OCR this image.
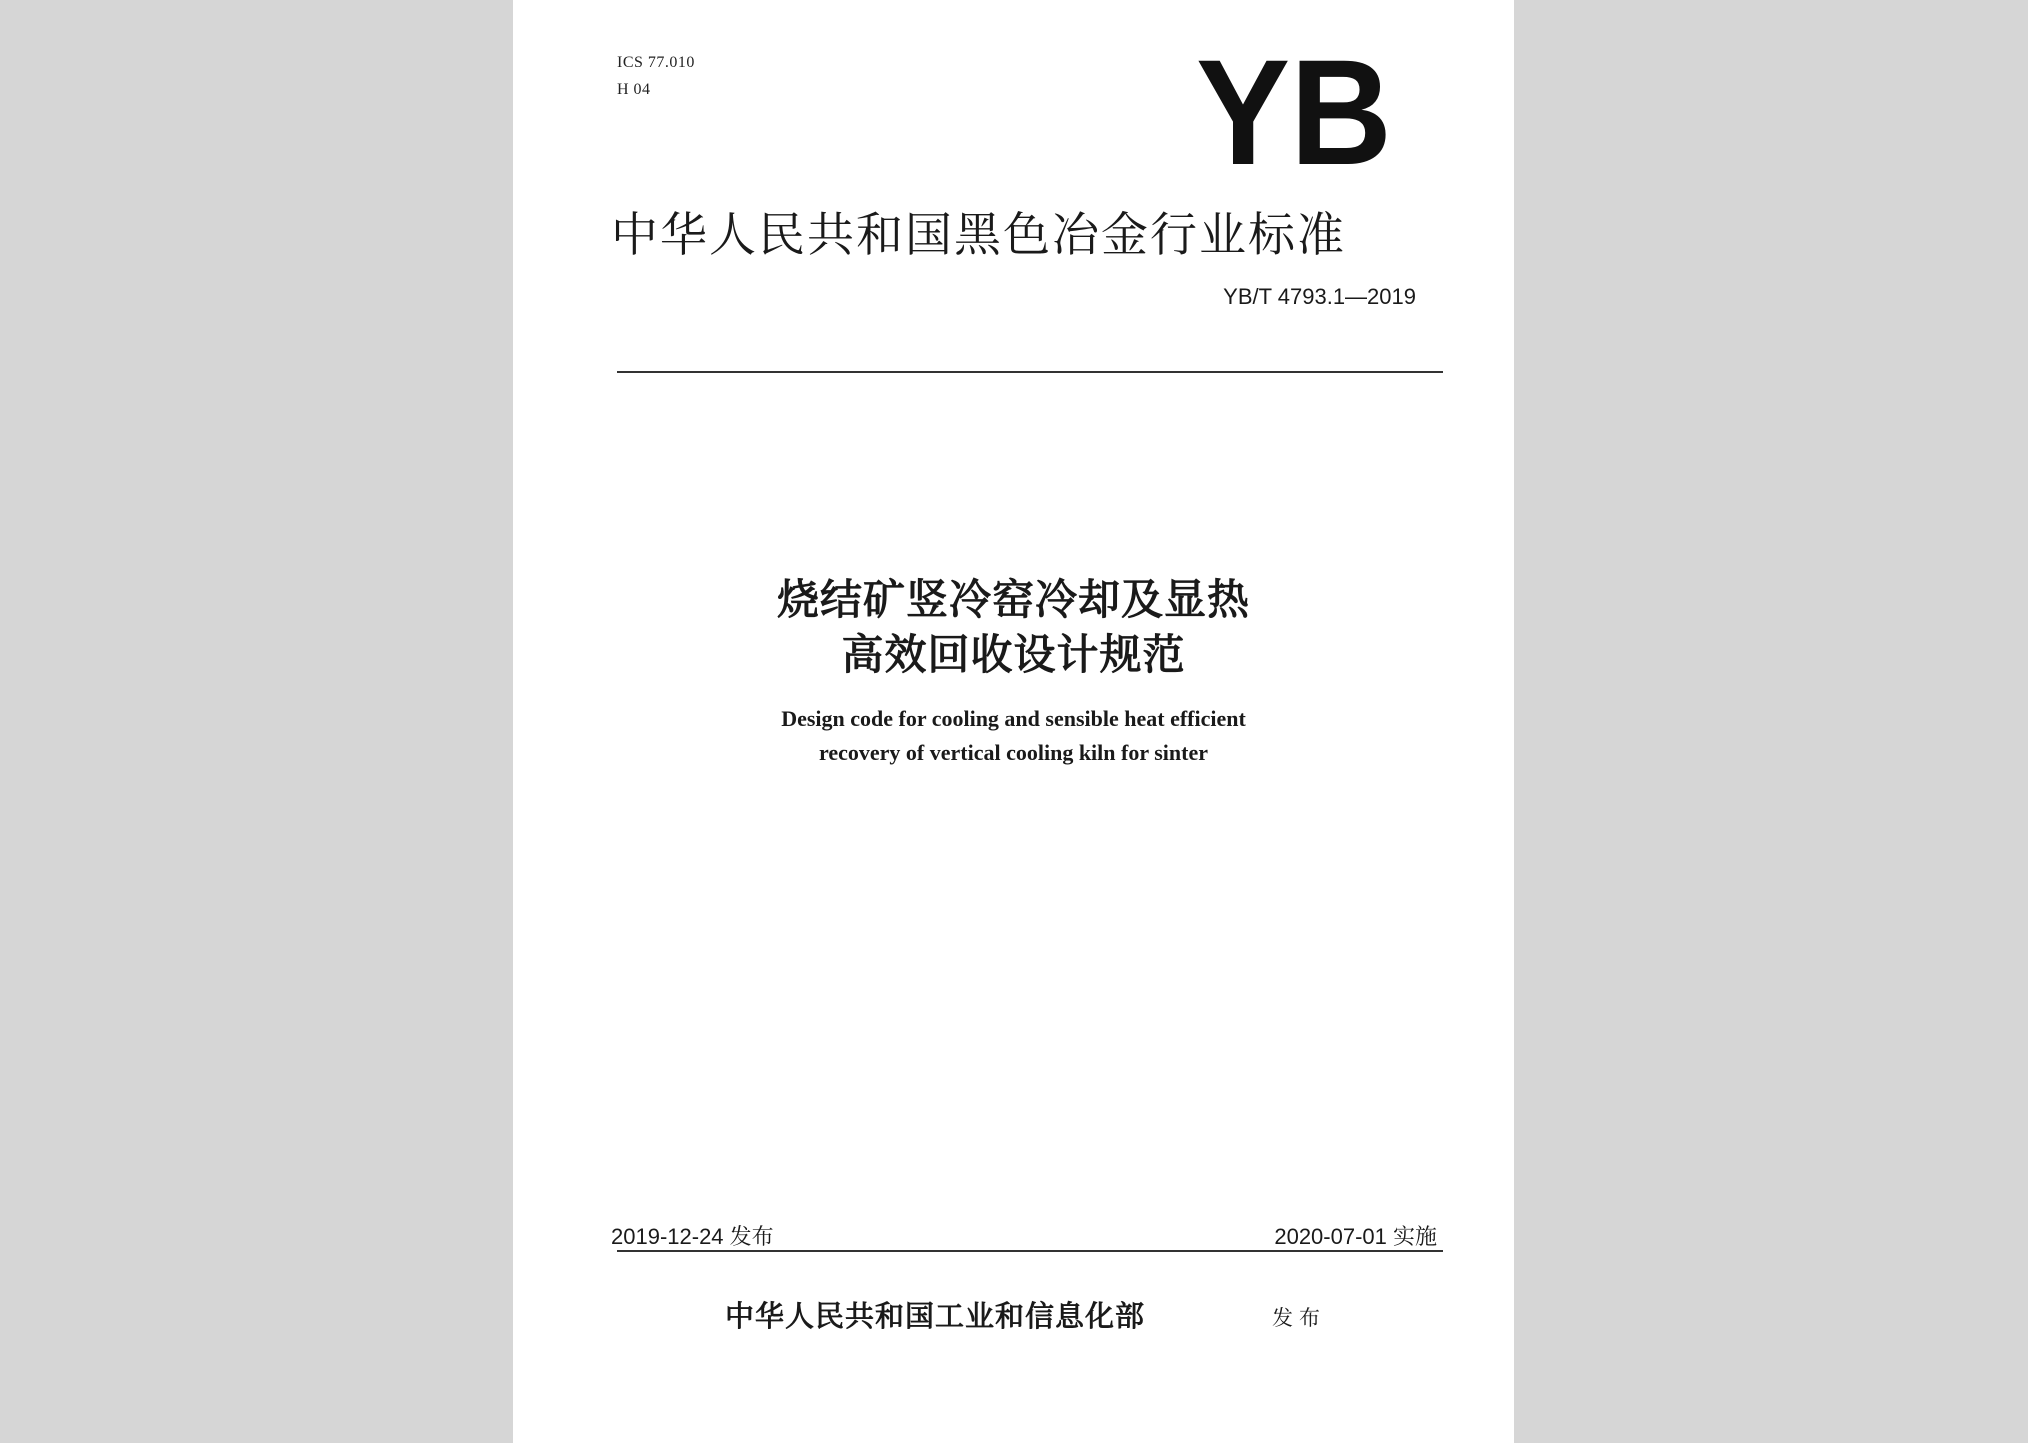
ICS 77.010
H 04	YB
中华人民共和国黑色冶金行业标准
YB/T 4793.1—2019
烧结矿竖冷窑冷却及显热
高效回收设计规范
Design code for cooling and sensible heat efficient
recovery of vertical cooling kiln for sinter
2019-12-24 发布	2020-07-01 实施
中华人民共和国工业和信息化部	发布
